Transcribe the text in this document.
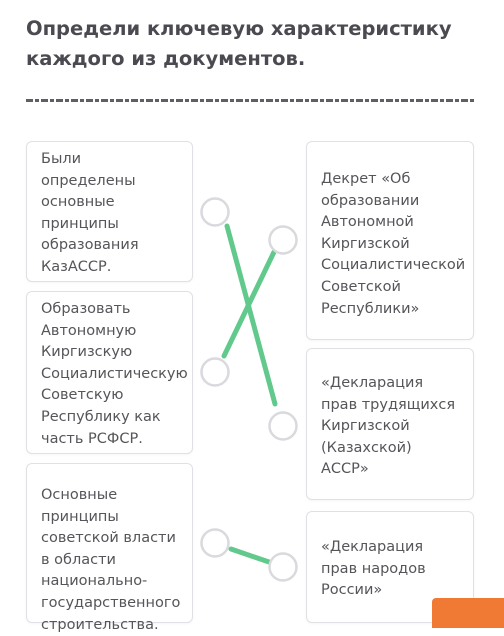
Определи ключевую характеристику каждого из документов.
Были определены основные принципы образования КазАССР.
Образовать Автономную Киргизскую Социалистическую Советскую Республику как часть РСФСР.
Основные принципы советской власти в области национально-государственного строительства.
Декрет «Об образовании Автономной Киргизской Социалистической Советской Республики»
«Декларация прав трудящихся Киргизской (Казахской) АССР»
«Декларация прав народов России»
